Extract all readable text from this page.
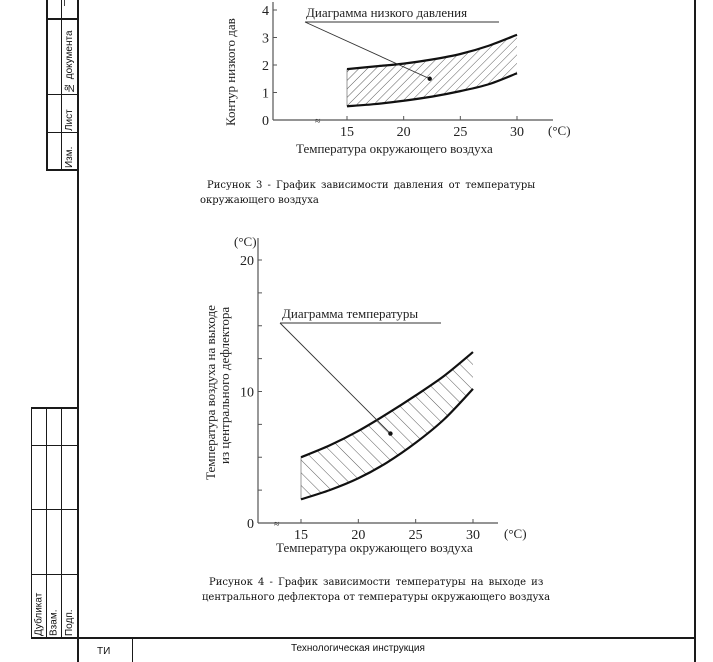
Изм.
Лист
№ документа
Дубликат Взам. Подп.
ТИ	Технологическая инструкция
Контур низкого дав 0
1
2
3
4
15	20	25	30 (°C)
≈
Диаграмма низкого давления
Температура окружающего воздуха
Рисунок 3 - График зависимости давления от температуры
окружающего воздуха
(°C)
Температура воздуха на выходе из центрального дефлектора
0
10
20
15	20	25	30 (°C)
≈
Диаграмма температуры
Температура окружающего воздуха
Рисунок 4 - График зависимости температуры на выходе из
центрального дефлектора от температуры окружающего воздуха
